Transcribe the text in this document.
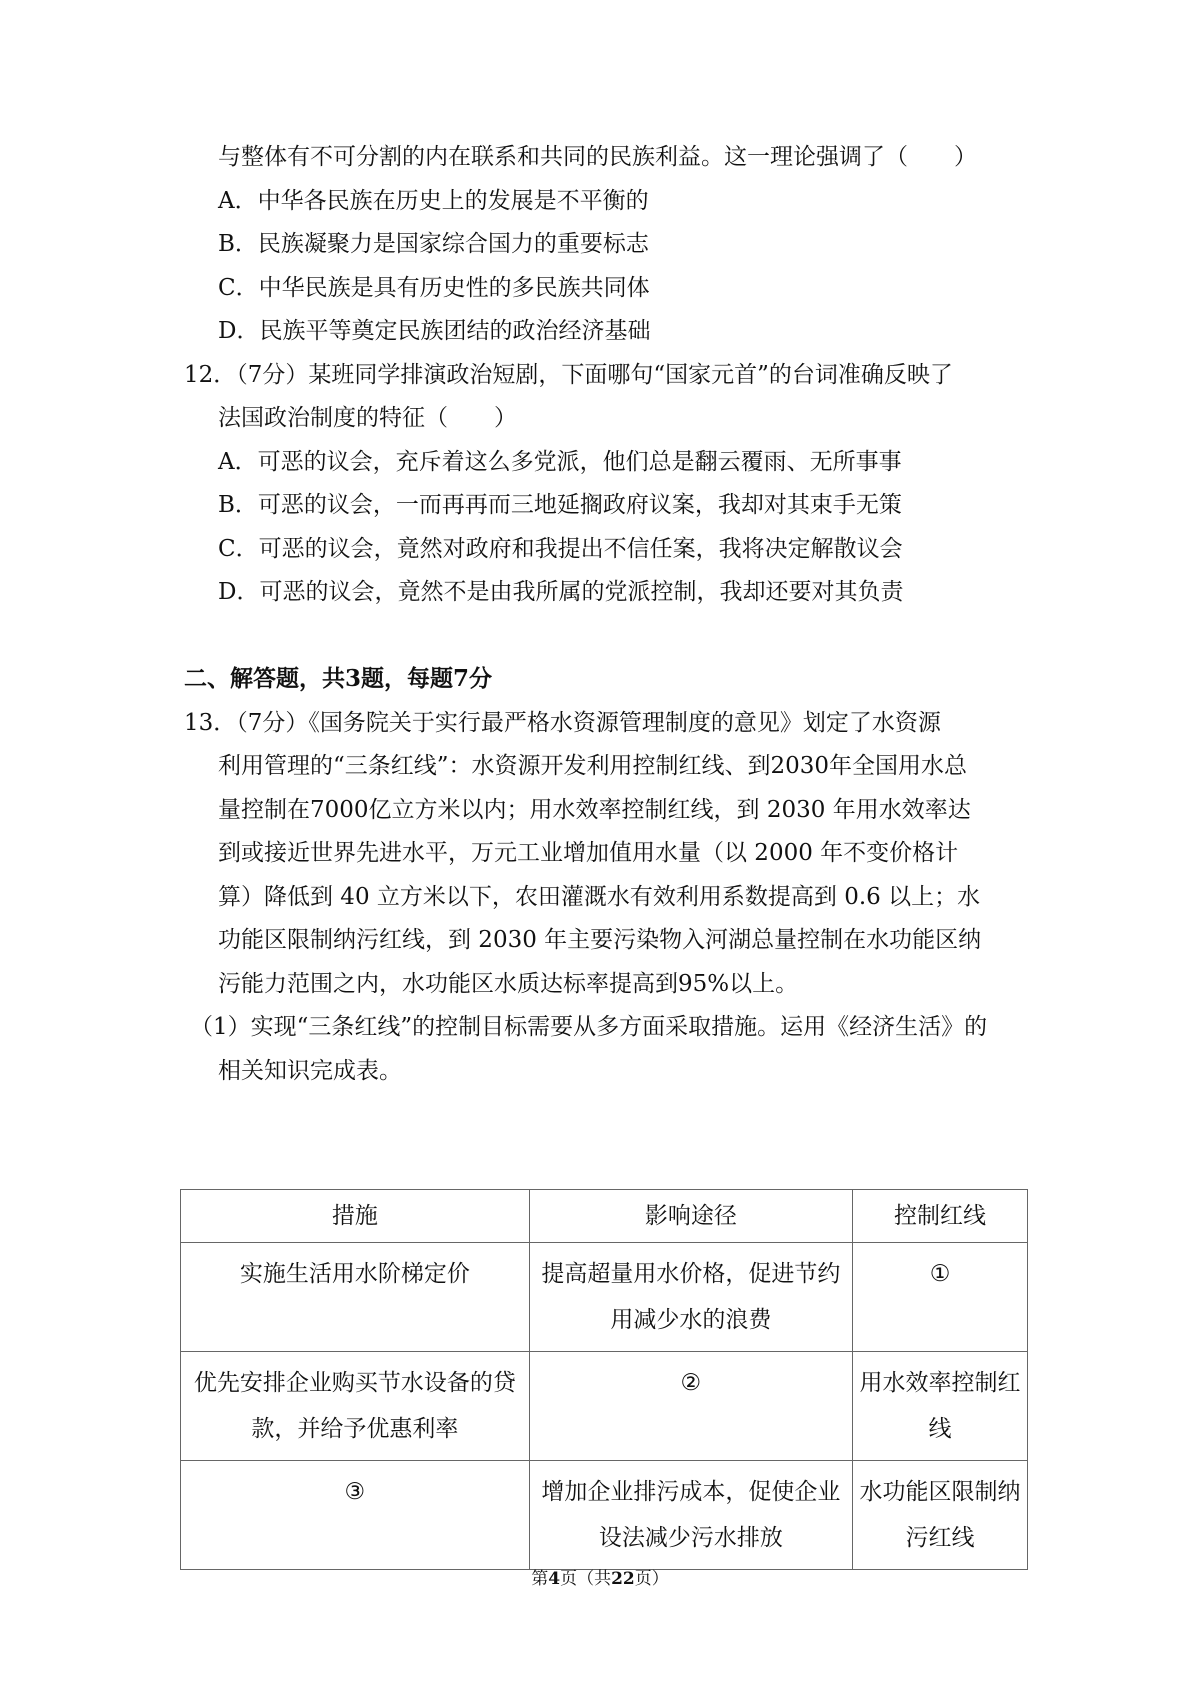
与整体有不可分割的内在联系和共同的民族利益。这一理论强调了（　　）
A．中华各民族在历史上的发展是不平衡的
B．民族凝聚力是国家综合国力的重要标志
C．中华民族是具有历史性的多民族共同体
D．民族平等奠定民族团结的政治经济基础
12．（7分）某班同学排演政治短剧，下面哪句“国家元首”的台词准确反映了
法国政治制度的特征（　　）
A．可恶的议会，充斥着这么多党派，他们总是翻云覆雨、无所事事
B．可恶的议会，一而再再而三地延搁政府议案，我却对其束手无策
C．可恶的议会，竟然对政府和我提出不信任案，我将决定解散议会
D．可恶的议会，竟然不是由我所属的党派控制，我却还要对其负责
二、解答题，共3题，每题7分
13．（7分）《国务院关于实行最严格水资源管理制度的意见》划定了水资源
利用管理的“三条红线”：水资源开发利用控制红线、到2030年全国用水总
量控制在7000亿立方米以内；用水效率控制红线，到 2030 年用水效率达
到或接近世界先进水平，万元工业增加值用水量（以 2000 年不变价格计
算）降低到 40 立方米以下，农田灌溉水有效利用系数提高到 0.6 以上；水
功能区限制纳污红线，到 2030 年主要污染物入河湖总量控制在水功能区纳
污能力范围之内，水功能区水质达标率提高到95%以上。
（1）实现“三条红线”的控制目标需要从多方面采取措施。运用《经济生活》的
相关知识完成表。
措施	影响途径	控制红线
实施生活用水阶梯定价	提高超量用水价格，促进节约用减少水的浪费	①
优先安排企业购买节水设备的贷款，并给予优惠利率	②	用水效率控制红线
③	增加企业排污成本，促使企业设法减少污水排放	水功能区限制纳污红线
第4页（共22页）
